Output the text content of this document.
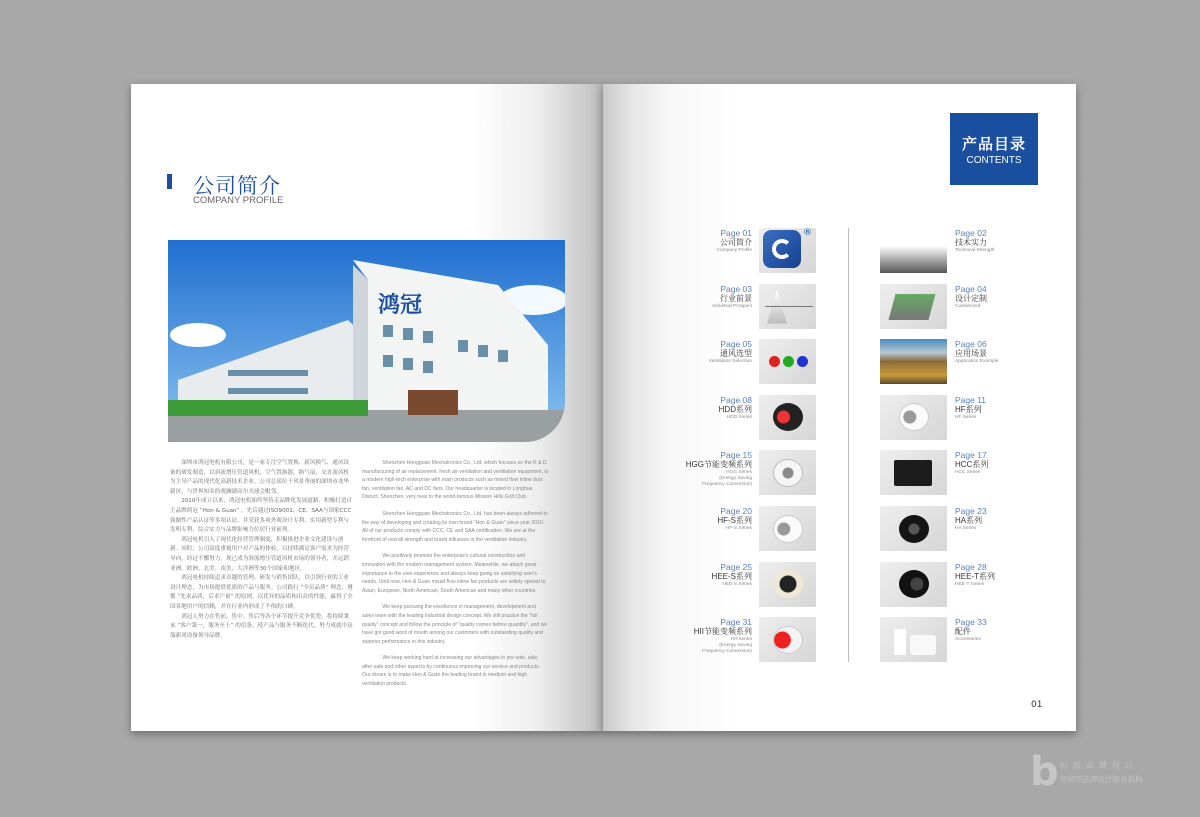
公司简介
COMPANY PROFILE
鸿冠

深圳市鸿冠电机有限公司，是一家专注空气置换、新风换气、通风设备的研发制造，以斜流增压管道风机、空气置换器、换气扇、交直流风机为主导产品的现代化高新技术企业。公司总部位于风景秀丽的深圳市龙华新区，与世界知名的观澜湖高尔夫球会毗邻。

2010年成立以来，鸿冠电机始终坚持走品牌化发展道路，积极打造自主品牌鸿冠 “Hon & Guan” ，先后通过ISO9001、CE、SAA与国家CCC强制性产品认证等多项认证，并荣获多项外观设计专利、实用新型专利与发明专利，综合实力与品牌影响力位居行业前列。

鸿冠电机引入了现代化经营管理制度，积极推进企业文化建设与创新。同时，公司高度重视用户对产品的体验，以持续满足客户需求为经营导向，经过不懈努力，现已成为斜流增压管道风机市场的领导者，并远销亚洲、欧洲、北美、南美、大洋洲等30个国家和地区。

鸿冠电机持续追求卓越的管理、研发与销售团队，以引领行业的工业设计理念，为市场提供优质的产品与服务。公司践行 “全员品质” 理念，遵循 “先求品质，后求产量” 的原则，以优异的品质和出众的性能，赢得了全国各地用户的信赖，并在行业内形成了不俗的口碑。

鸿冠人努力在售前、售中、售后等各个环节提升竞争优势，将持续秉承 “客户第一，服务至上” 的信条，使产品与服务不断迭代，努力成就中高端新风设备领导品牌。

Shenzhen Hongguan Mechatronics Co., Ltd. which focuses on the R & D manufacturing of air replacement, fresh air ventilation and ventilation equipment, is a modern high-tech enterprise with main products such as mixed flow inline duct fan, ventilation fan, AC and DC fans. Our headquarter is located in Longhua District, Shenzhen, very near to the world-famous Mission Hills Golf Club.

Shenzhen Hongguan Mechatronics Co., Ltd. has been always adhered to the way of developing and creating its own brand "Hon & Guan" since year 2010. All of our products comply with CCC, CE and SAA certification. We are at the forefront of overall strength and brand influence in the ventilation industry.

We positively promote the enterprise's cultural construction and innovation with the modern management system. Meanwhile, we attach great importance to the user experience and always keep going on satisfying user's needs. Until now, Hon & Guan mixed flow inline fan products are widely spread to Asian, European, North American, South American and many other countries.

We keep pursuing the excellence in management, development and sales team with the leading industrial design concept. We still practice the "full quality" concept and follow the principle of "quality comes before quantity", and we have got good word of mouth among our customers with outstanding quality and superior performance in this industry.

We keep working hard at increasing our advantages in pre-sale, sale, after-sale and other aspects by continuous improving our service and products. Our dream is to make Hon & Guan the leading brand in medium and high ventilation products.

产品目录
CONTENTS
Page 01
公司简介
Company Profile
®
Page 03
行业前景
Industrial Prospect
Page 05
通风选型
Ventilation Selection
Page 08
HDD系列
HDD Series
Page 15
HGG节能变频系列
HGG Series
(Energy Saving
Frequency Conversion)
Page 20
HF-S系列
HF-S Series
Page 25
HEE-S系列
HEE-S Series
Page 31
HII节能变频系列
HII Series
(Energy Saving
Frequency Conversion)
Page 02
技术实力
Technical Strength
Page 04
设计定制
Customized
Page 06
应用场景
Application Example
Page 11
HF系列
HF Series
Page 17
HCC系列
HCC Series
Page 23
HA系列
HA Series
Page 28
HEE-T系列
HEE-T Series
Page 33
配件
Accessories
01
b 标派品牌设计
营销型品牌设计服务机构
